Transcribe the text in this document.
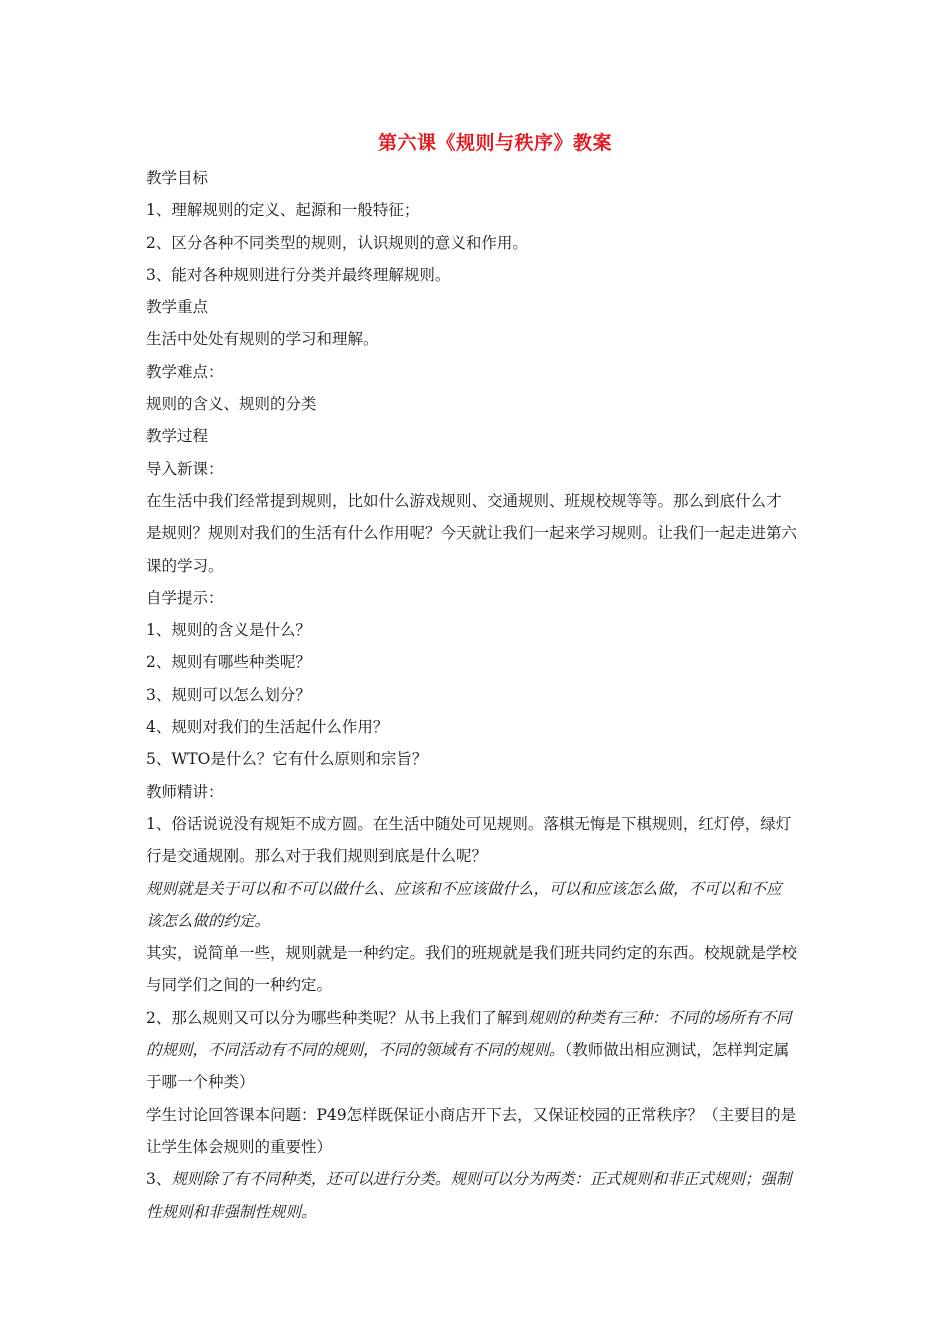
第六课《规则与秩序》教案
教学目标
1、理解规则的定义、起源和一般特征；
2、区分各种不同类型的规则，认识规则的意义和作用。
3、能对各种规则进行分类并最终理解规则。
教学重点
生活中处处有规则的学习和理解。
教学难点：
规则的含义、规则的分类
教学过程
导入新课：
在生活中我们经常提到规则，比如什么游戏规则、交通规则、班规校规等等。那么到底什么才
是规则？规则对我们的生活有什么作用呢？今天就让我们一起来学习规则。让我们一起走进第六
课的学习。
自学提示：
1、规则的含义是什么？
2、规则有哪些种类呢？
3、规则可以怎么划分？
4、规则对我们的生活起什么作用？
5、WTO是什么？它有什么原则和宗旨？
教师精讲：
1、俗话说说没有规矩不成方圆。在生活中随处可见规则。落棋无悔是下棋规则，红灯停，绿灯
行是交通规刚。那么对于我们规则到底是什么呢？
规则就是关于可以和不可以做什么、应该和不应该做什么，可以和应该怎么做，不可以和不应
该怎么做的约定。
其实，说简单一些，规则就是一种约定。我们的班规就是我们班共同约定的东西。校规就是学校
与同学们之间的一种约定。
2、那么规则又可以分为哪些种类呢？从书上我们了解到规则的种类有三种：不同的场所有不同
的规则，不同活动有不同的规则，不同的领域有不同的规则。（教师做出相应测试，怎样判定属
于哪一个种类）
学生讨论回答课本问题：P49怎样既保证小商店开下去，又保证校园的正常秩序？（主要目的是
让学生体会规则的重要性）
3、规则除了有不同种类，还可以进行分类。规则可以分为两类：正式规则和非正式规则；强制
性规则和非强制性规则。
